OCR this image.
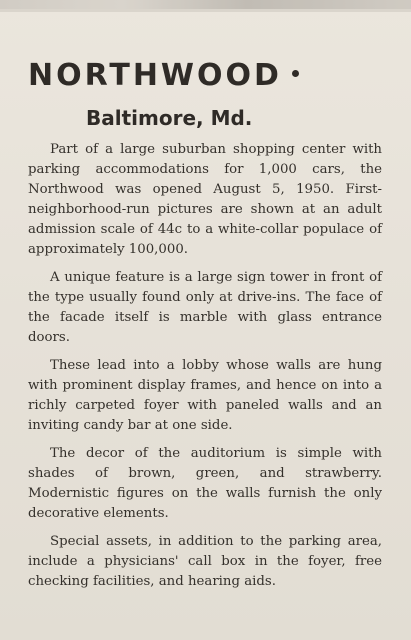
NORTHWOOD
Baltimore, Md.

Part of a large suburban shopping center with parking accommodations for 1,000 cars, the Northwood was opened August 5, 1950. First-neighborhood-run pictures are shown at an adult admission scale of 44c to a white-collar populace of approximately 100,000.

A unique feature is a large sign tower in front of the type usually found only at drive-ins. The face of the facade itself is marble with glass entrance doors.

These lead into a lobby whose walls are hung with prominent display frames, and hence on into a richly carpeted foyer with paneled walls and an inviting candy bar at one side.

The decor of the auditorium is simple with shades of brown, green, and strawberry. Modernistic figures on the walls furnish the only decorative elements.

Special assets, in addition to the parking area, include a physicians' call box in the foyer, free checking facilities, and hearing aids.
